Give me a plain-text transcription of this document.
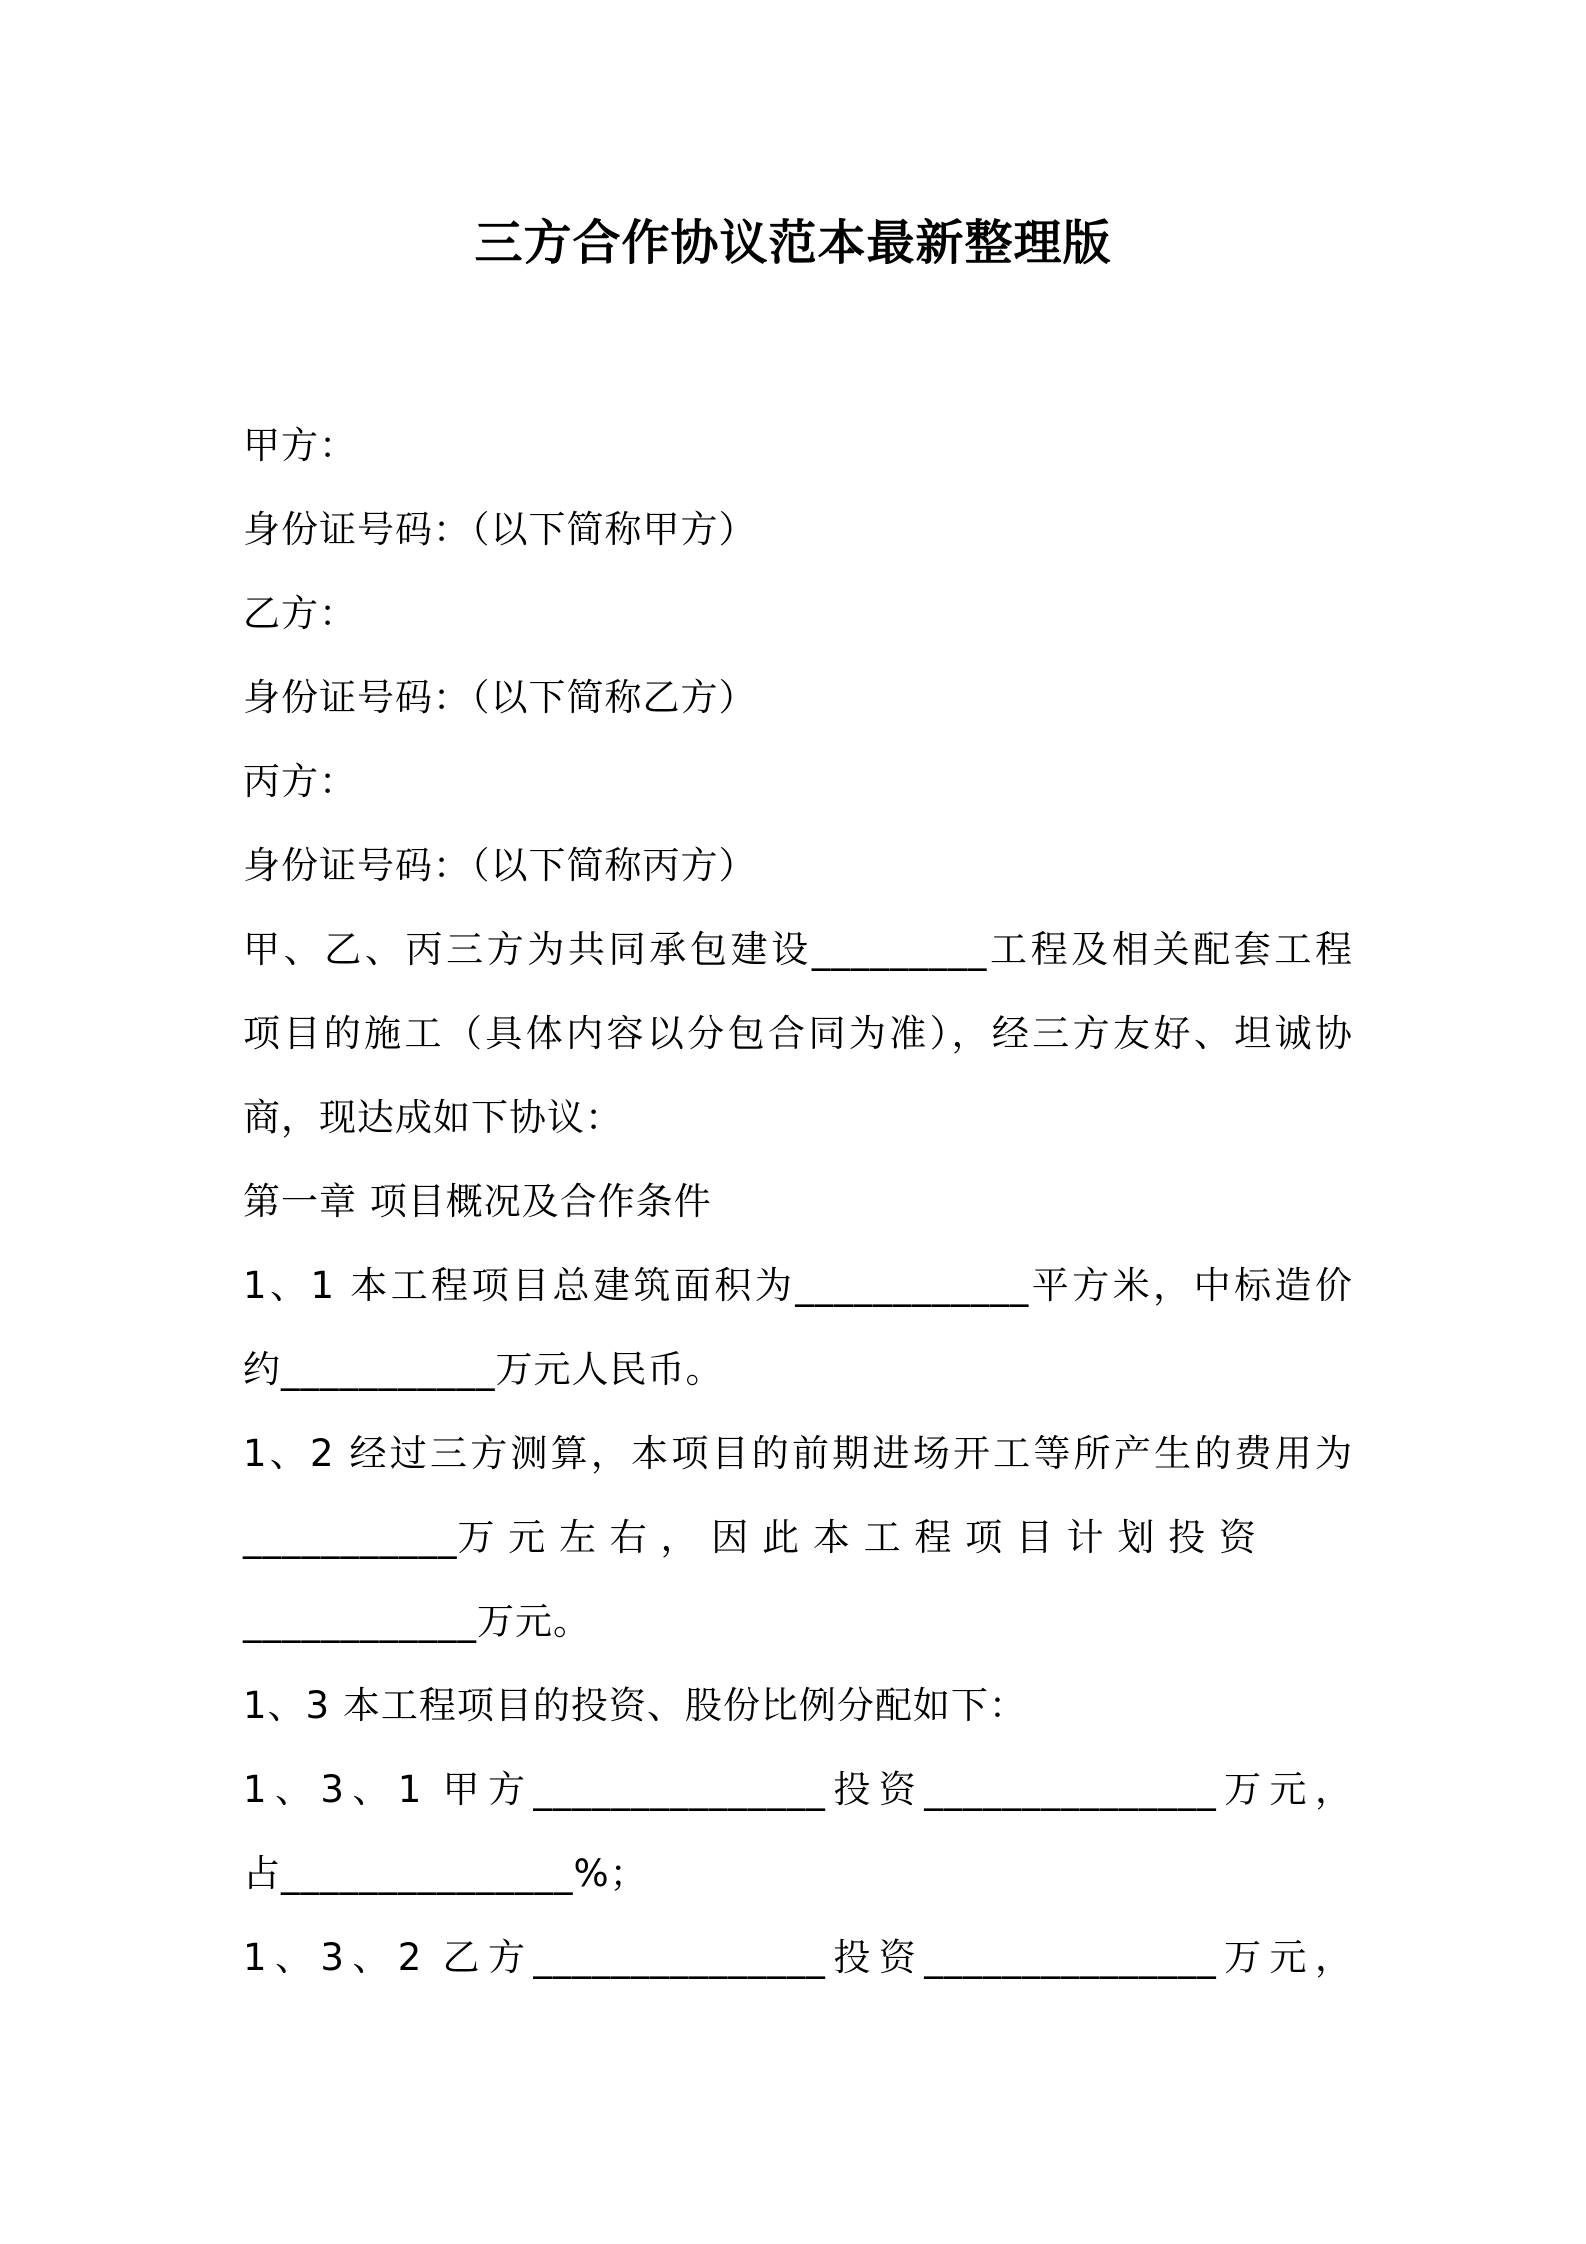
三方合作协议范本最新整理版
甲方：
身份证号码：（以下简称甲方）
乙方：
身份证号码：（以下简称乙方）
丙方：
身份证号码：（以下简称丙方）
甲、乙、丙三方为共同承包建设_________工程及相关配套工程
项目的施工（具体内容以分包合同为准），经三方友好、坦诚协
商，现达成如下协议：
第一章 项目概况及合作条件
1、1 本工程项目总建筑面积为____________平方米，中标造价
约___________万元人民币。
1、2 经过三方测算，本项目的前期进场开工等所产生的费用为
___________万 元 左 右 ， 因 此 本 工 程 项 目 计 划 投 资
____________万元。
1、3 本工程项目的投资、股份比例分配如下：
1、3、1 甲方_______________投资_______________万元，
占_______________%；
1、3、2 乙方_______________投资_______________万元，
